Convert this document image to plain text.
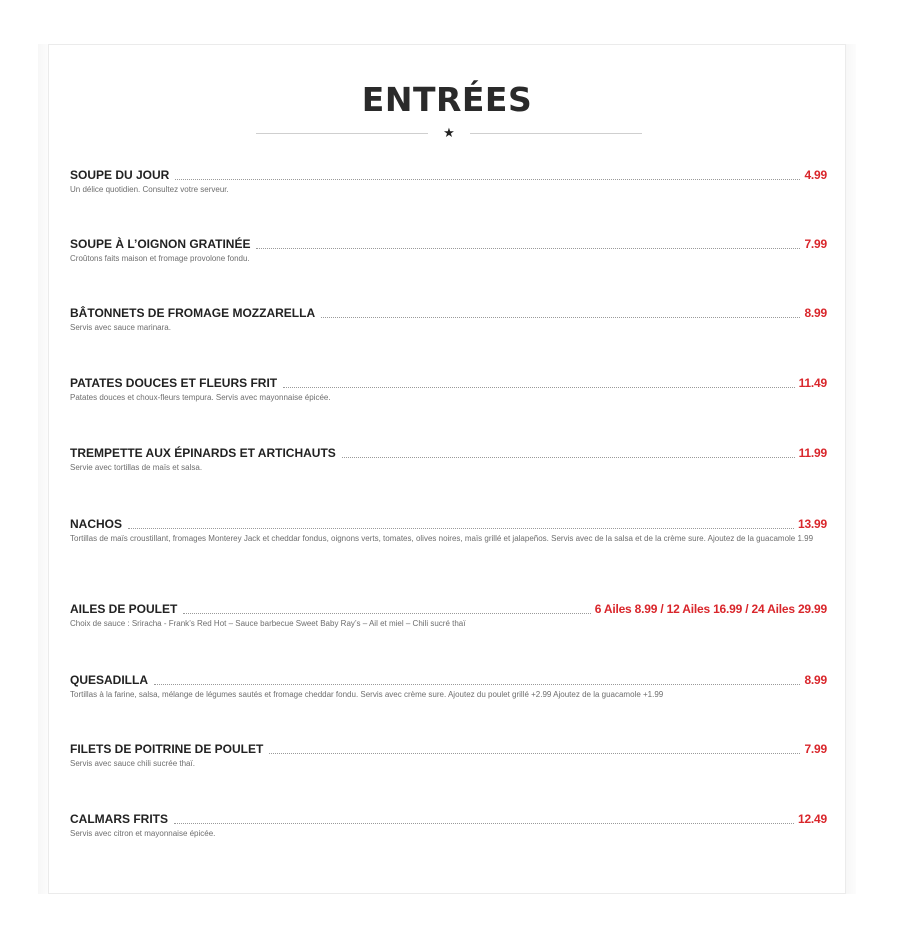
ENTRÉES
★
SOUPE DU JOUR	4.99
Un délice quotidien. Consultez votre serveur.
SOUPE À L’OIGNON GRATINÉE	7.99
Croûtons faits maison et fromage provolone fondu.
BÂTONNETS DE FROMAGE MOZZARELLA	8.99
Servis avec sauce marinara.
PATATES DOUCES ET FLEURS FRIT	11.49
Patates douces et choux-fleurs tempura. Servis avec mayonnaise épicée.
TREMPETTE AUX ÉPINARDS ET ARTICHAUTS	11.99
Servie avec tortillas de maïs et salsa.
NACHOS	13.99
Tortillas de maïs croustillant, fromages Monterey Jack et cheddar fondus, oignons verts, tomates, olives noires, maïs grillé et jalapeños. Servis avec de la salsa et de la crème sure. Ajoutez de la guacamole 1.99
AILES DE POULET	6 Ailes 8.99 / 12 Ailes 16.99 / 24 Ailes 29.99
Choix de sauce : Sriracha - Frank’s Red Hot – Sauce barbecue Sweet Baby Ray’s – Ail et miel – Chili sucré thaï
QUESADILLA	8.99
Tortillas à la farine, salsa, mélange de légumes sautés et fromage cheddar fondu. Servis avec crème sure. Ajoutez du poulet grillé +2.99 Ajoutez de la guacamole +1.99
FILETS DE POITRINE DE POULET	7.99
Servis avec sauce chili sucrée thaï.
CALMARS FRITS	12.49
Servis avec citron et mayonnaise épicée.
